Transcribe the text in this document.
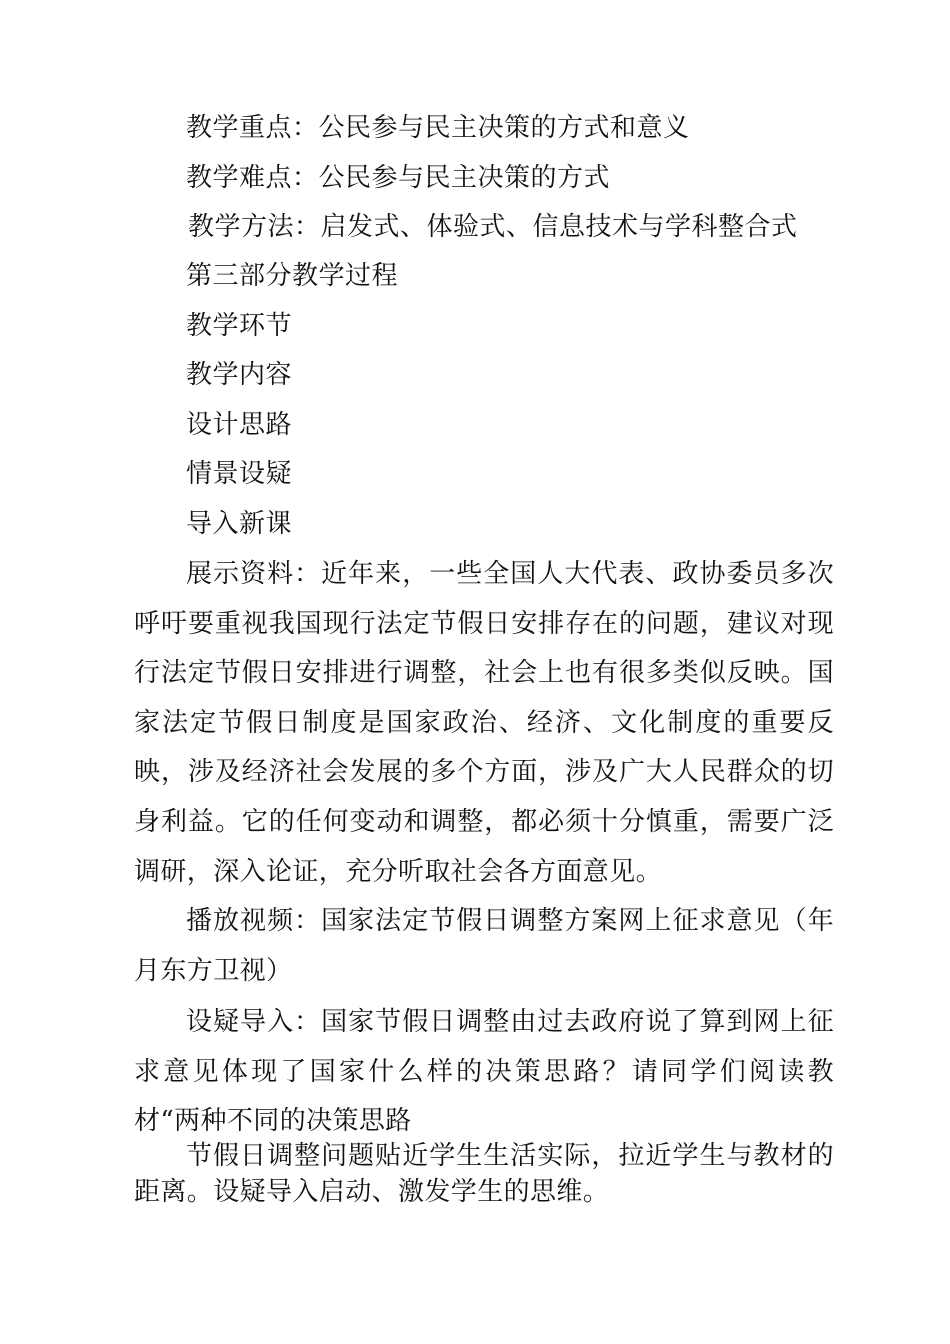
教学重点：公民参与民主决策的方式和意义
教学难点：公民参与民主决策的方式
教学方法：启发式、体验式、信息技术与学科整合式
第三部分教学过程
教学环节
教学内容
设计思路
情景设疑
导入新课
展示资料：近年来，一些全国人大代表、政协委员多次呼吁要重视我国现行法定节假日安排存在的问题，建议对现行法定节假日安排进行调整，社会上也有很多类似反映。国家法定节假日制度是国家政治、经济、文化制度的重要反映，涉及经济社会发展的多个方面，涉及广大人民群众的切身利益。它的任何变动和调整，都必须十分慎重，需要广泛调研，深入论证，充分听取社会各方面意见。
播放视频：国家法定节假日调整方案网上征求意见（年月东方卫视）
设疑导入：国家节假日调整由过去政府说了算到网上征求意见体现了国家什么样的决策思路？请同学们阅读教材“两种不同的决策思路
节假日调整问题贴近学生生活实际，拉近学生与教材的距离。设疑导入启动、激发学生的思维。
